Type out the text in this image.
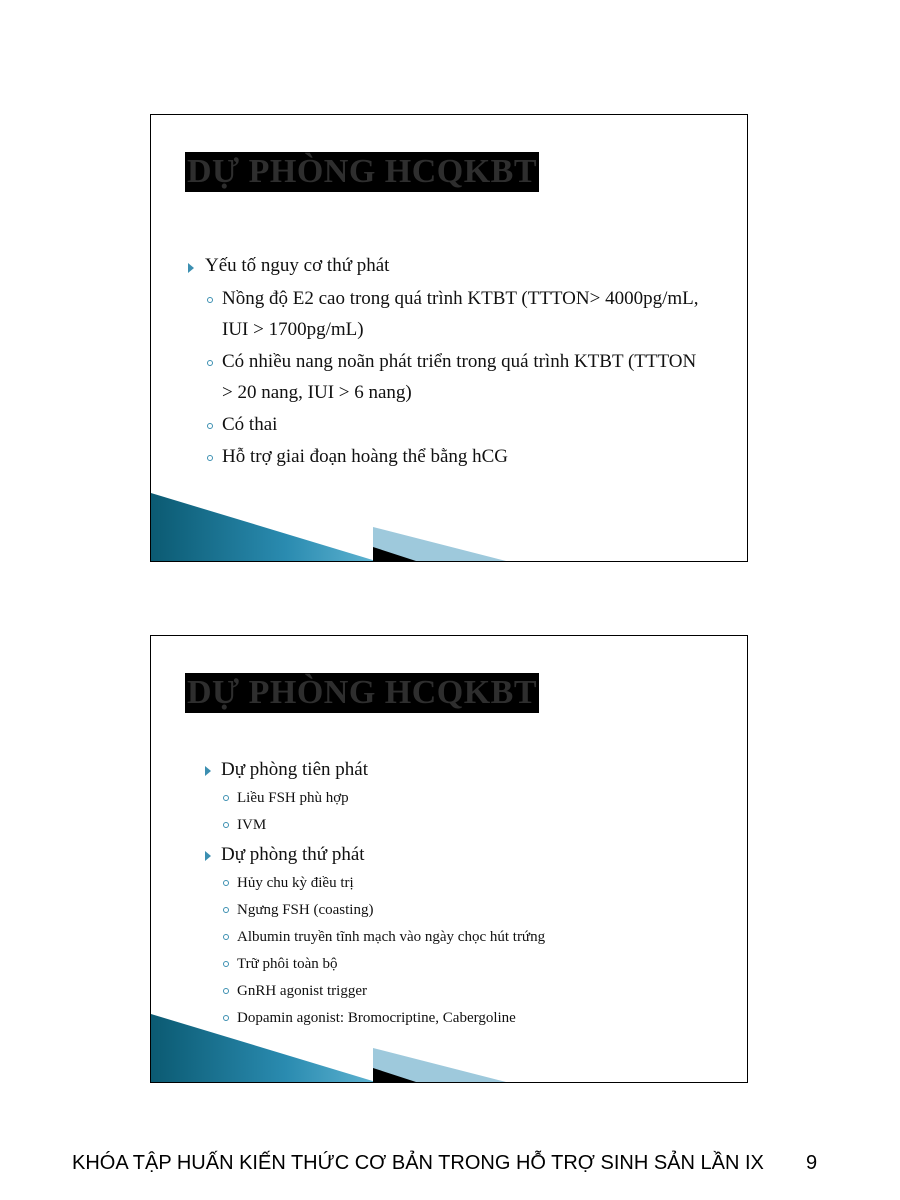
DỰ PHÒNG HCQKBT
Yếu tố nguy cơ thứ phát
Nồng độ E2 cao trong quá trình KTBT (TTTON> 4000pg/mL,
IUI > 1700pg/mL)
Có nhiều nang noãn phát triển trong quá trình KTBT (TTTON
> 20 nang, IUI > 6 nang)
Có thai
Hỗ trợ giai đoạn hoàng thể bằng hCG
DỰ PHÒNG HCQKBT
Dự phòng tiên phát
Liều FSH phù hợp
IVM
Dự phòng thứ phát
Hủy chu kỳ điều trị
Ngưng FSH (coasting)
Albumin truyền tĩnh mạch vào ngày chọc hút trứng
Trữ phôi toàn bộ
GnRH agonist trigger
Dopamin agonist: Bromocriptine, Cabergoline
KHÓA TẬP HUẤN KIẾN THỨC CƠ BẢN TRONG HỖ TRỢ SINH SẢN LẦN IX 9
